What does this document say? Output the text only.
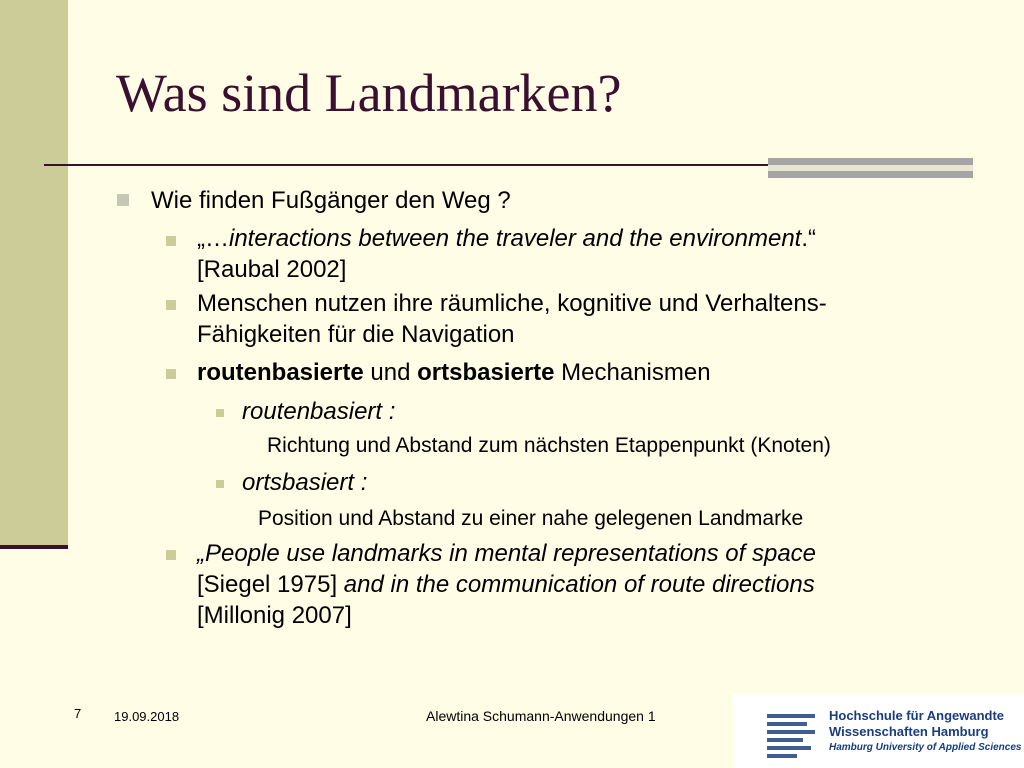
Was sind Landmarken?
Wie finden Fußgänger den Weg ?
„…interactions between the traveler and the environment.“
[Raubal 2002]
Menschen nutzen ihre räumliche, kognitive und Verhaltens-
Fähigkeiten für die Navigation
routenbasierte und ortsbasierte Mechanismen
routenbasiert :
Richtung und Abstand zum nächsten Etappenpunkt (Knoten)
ortsbasiert :
Position und Abstand zu einer nahe gelegenen Landmarke
„People use landmarks in mental representations of space
[Siegel 1975] and in the communication of route directions
[Millonig 2007]
7	19.09.2018	Alewtina Schumann-Anwendungen 1	Hochschule für Angewandte
Wissenschaften Hamburg
Hamburg University of Applied Sciences
